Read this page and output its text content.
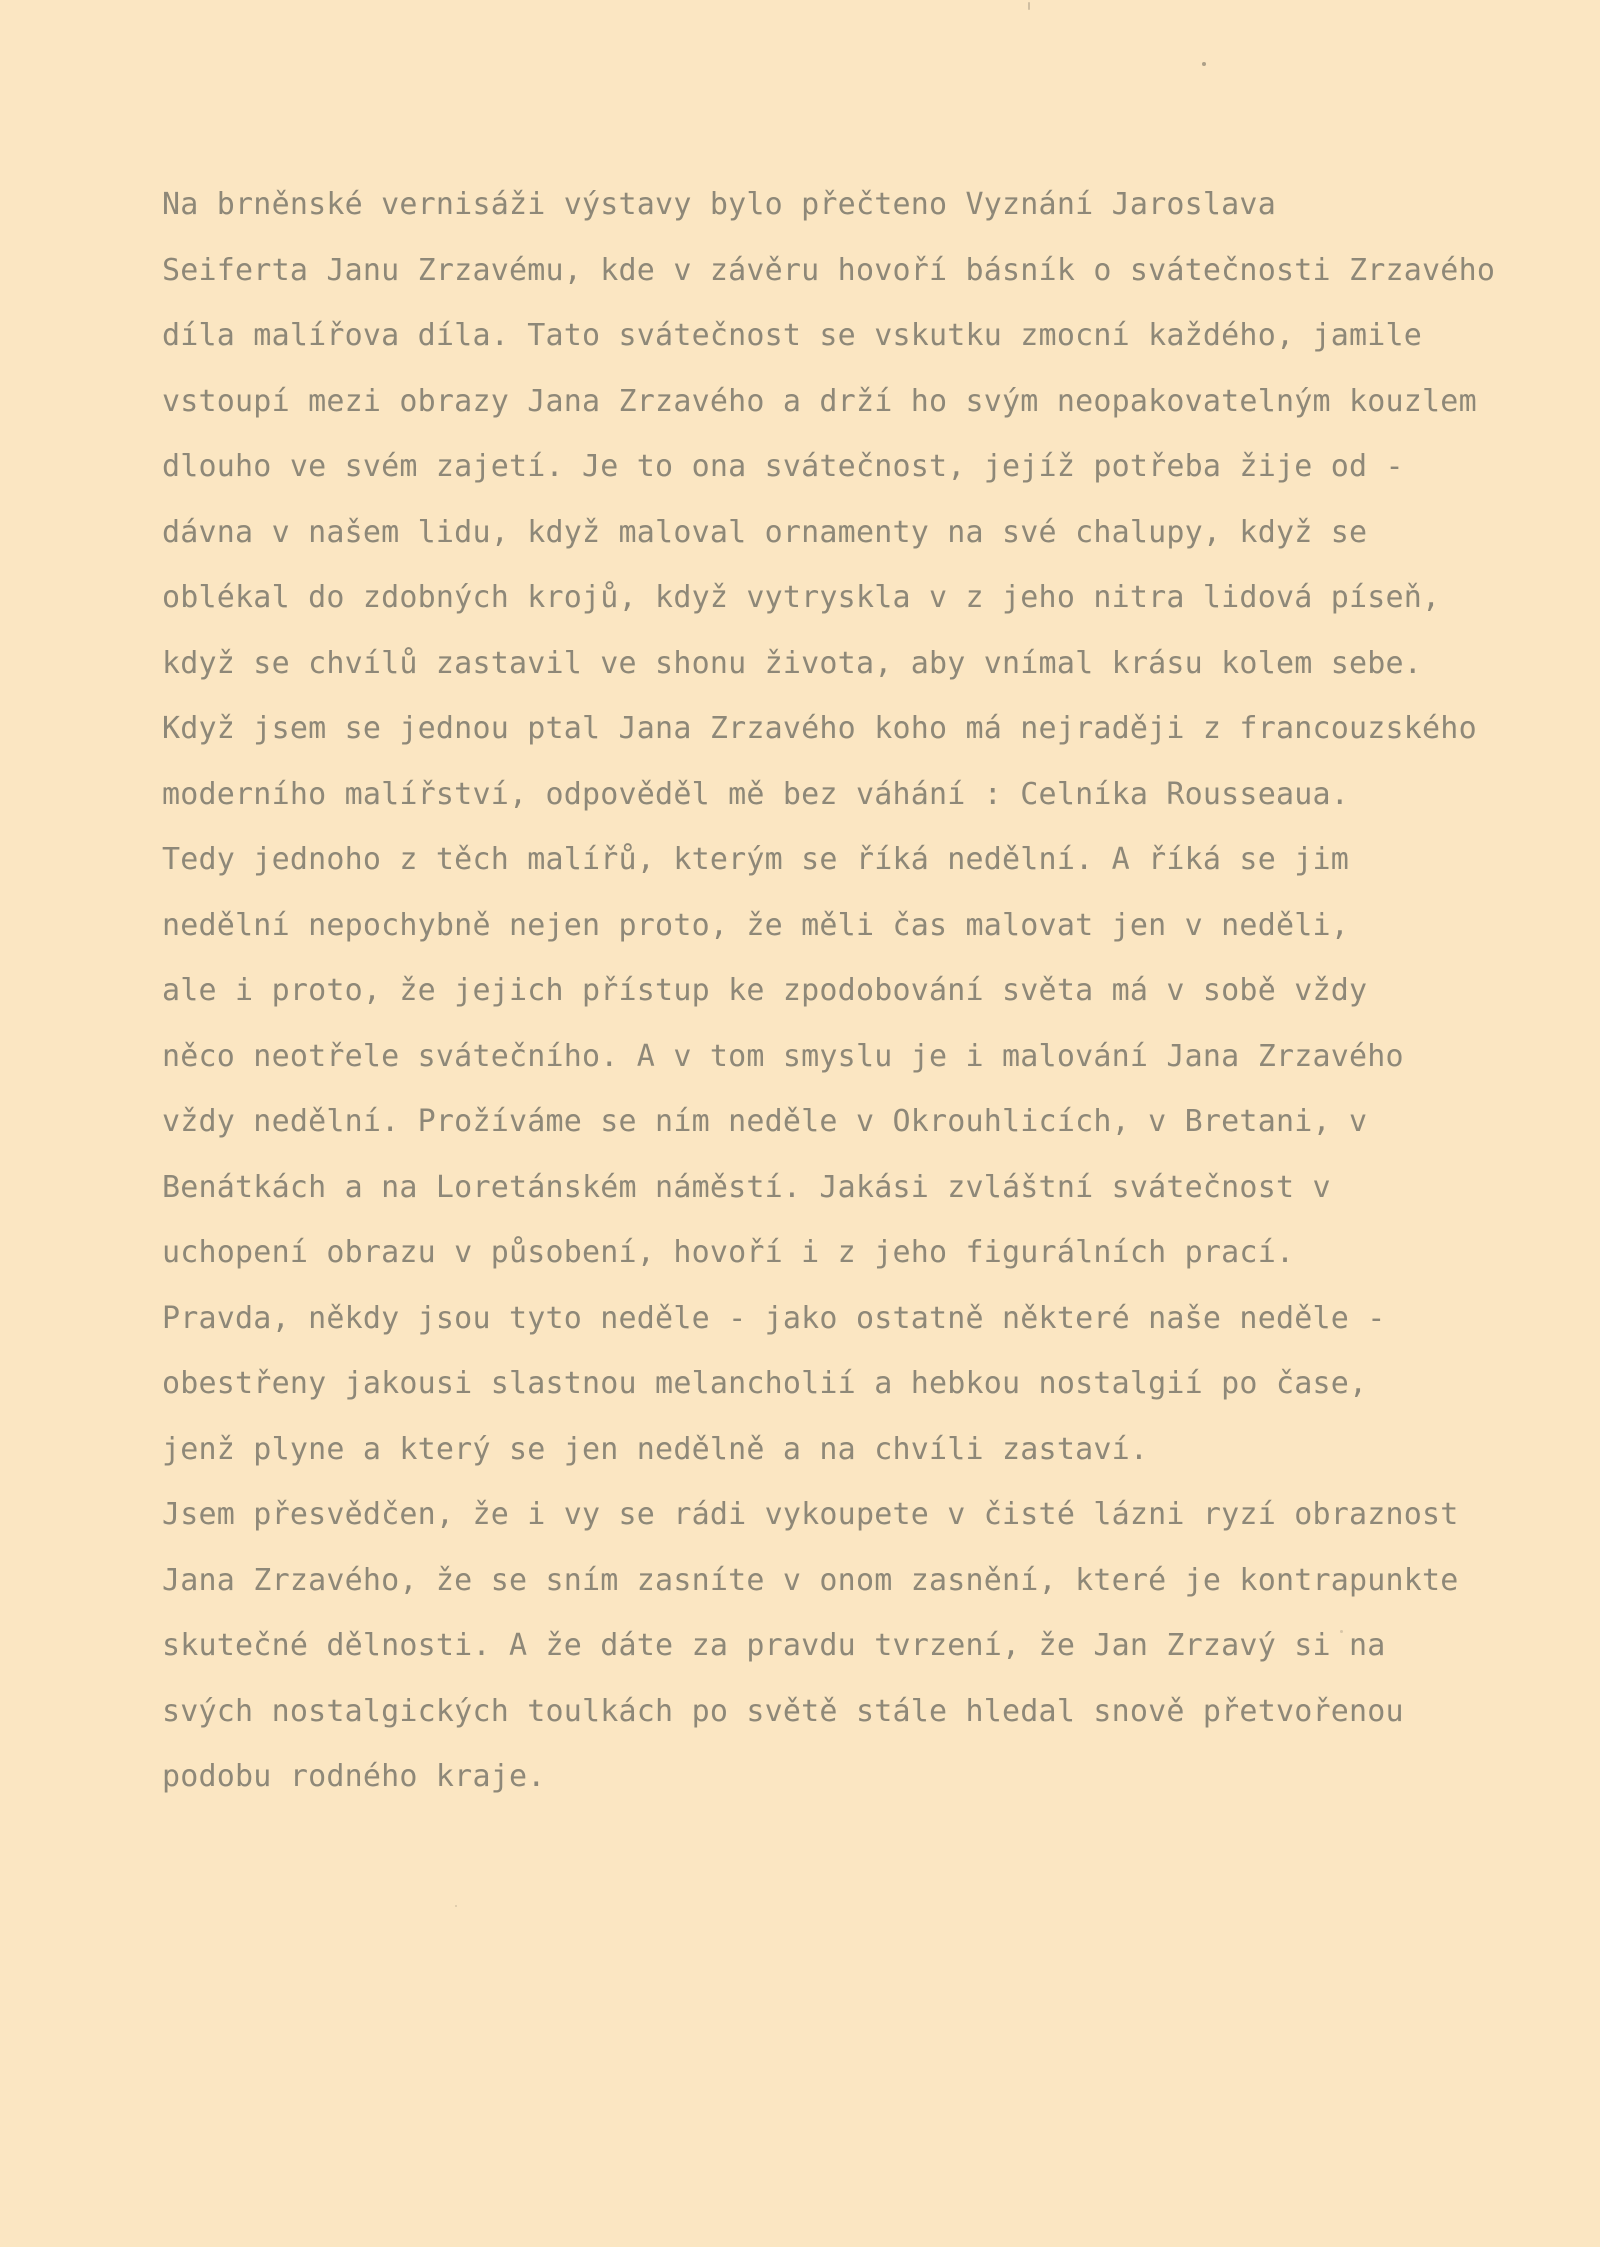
Na brněnské vernisáži výstavy bylo přečteno Vyznání Jaroslava
Seiferta Janu Zrzavému, kde v závěru hovoří básník o svátečnosti Zrzavého
díla malířova díla. Tato svátečnost se vskutku zmocní každého, jamile
vstoupí mezi obrazy Jana Zrzavého a drží ho svým neopakovatelným kouzlem
dlouho ve svém zajetí. Je to ona svátečnost, jejíž potřeba žije od -
dávna v našem lidu, když maloval ornamenty na své chalupy, když se
oblékal do zdobných krojů, když vytryskla v z jeho nitra lidová píseň,
když se chvílů zastavil ve shonu života, aby vnímal krásu kolem sebe.
Když jsem se jednou ptal Jana Zrzavého koho má nejraději z francouzského
moderního malířství, odpověděl mě bez váhání : Celníka Rousseaua.
Tedy jednoho z těch malířů, kterým se říká nedělní. A říká se jim
nedělní nepochybně nejen proto, že měli čas malovat jen v neděli,
ale i proto, že jejich přístup ke zpodobování světa má v sobě vždy
něco neotřele svátečního. A v tom smyslu je i malování Jana Zrzavého
vždy nedělní. Prožíváme se ním neděle v Okrouhlicích, v Bretani, v
Benátkách a na Loretánském náměstí. Jakási zvláštní svátečnost v
uchopení obrazu v působení, hovoří i z jeho figurálních prací.
Pravda, někdy jsou tyto neděle - jako ostatně některé naše neděle -
obestřeny jakousi slastnou melancholií a hebkou nostalgií po čase,
jenž plyne a který se jen nedělně a na chvíli zastaví.
Jsem přesvědčen, že i vy se rádi vykoupete v čisté lázni ryzí obraznost
Jana Zrzavého, že se sním zasníte v onom zasnění, které je kontrapunkte
skutečné dělnosti. A že dáte za pravdu tvrzení, že Jan Zrzavý si na
svých nostalgických toulkách po světě stále hledal snově přetvořenou
podobu rodného kraje.
